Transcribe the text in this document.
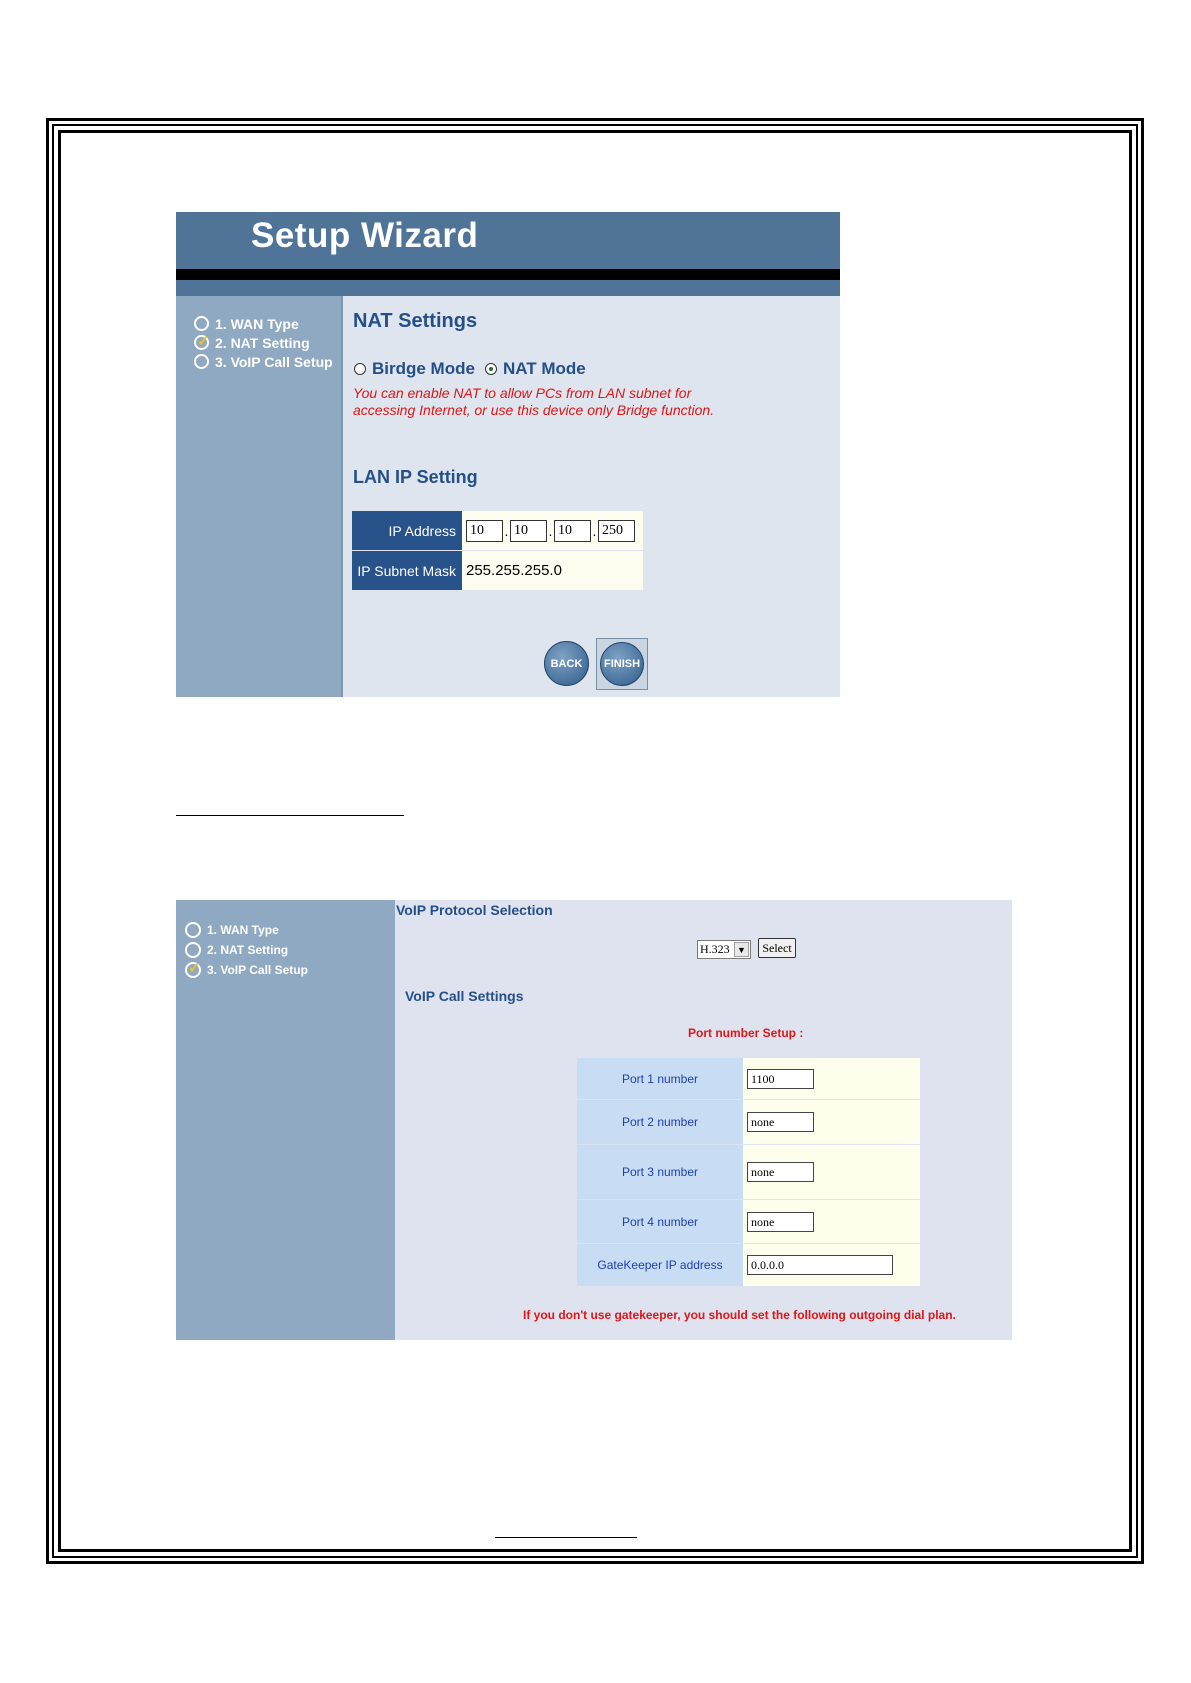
Setup Wizard
1. WAN Type
✓
2. NAT Setting
3. VoIP Call Setup
NAT Settings
Birdge Mode NAT Mode
You can enable NAT to allow PCs from LAN subnet for accessing Internet, or use this device only Bridge function.
LAN IP Setting
IP Address	10	. 10	. 10	. 250
IP Subnet Mask 255.255.255.0
BACK	FINISH
1. WAN Type
2. NAT Setting
✓
3. VoIP Call Setup
VoIP Protocol Selection
H.323 ▼	Select
VoIP Call Settings
Port number Setup :
Port 1 number	1100
Port 2 number	none
Port 3 number	none
Port 4 number	none
GateKeeper IP address	0.0.0.0
If you don't use gatekeeper, you should set the following outgoing dial plan.
